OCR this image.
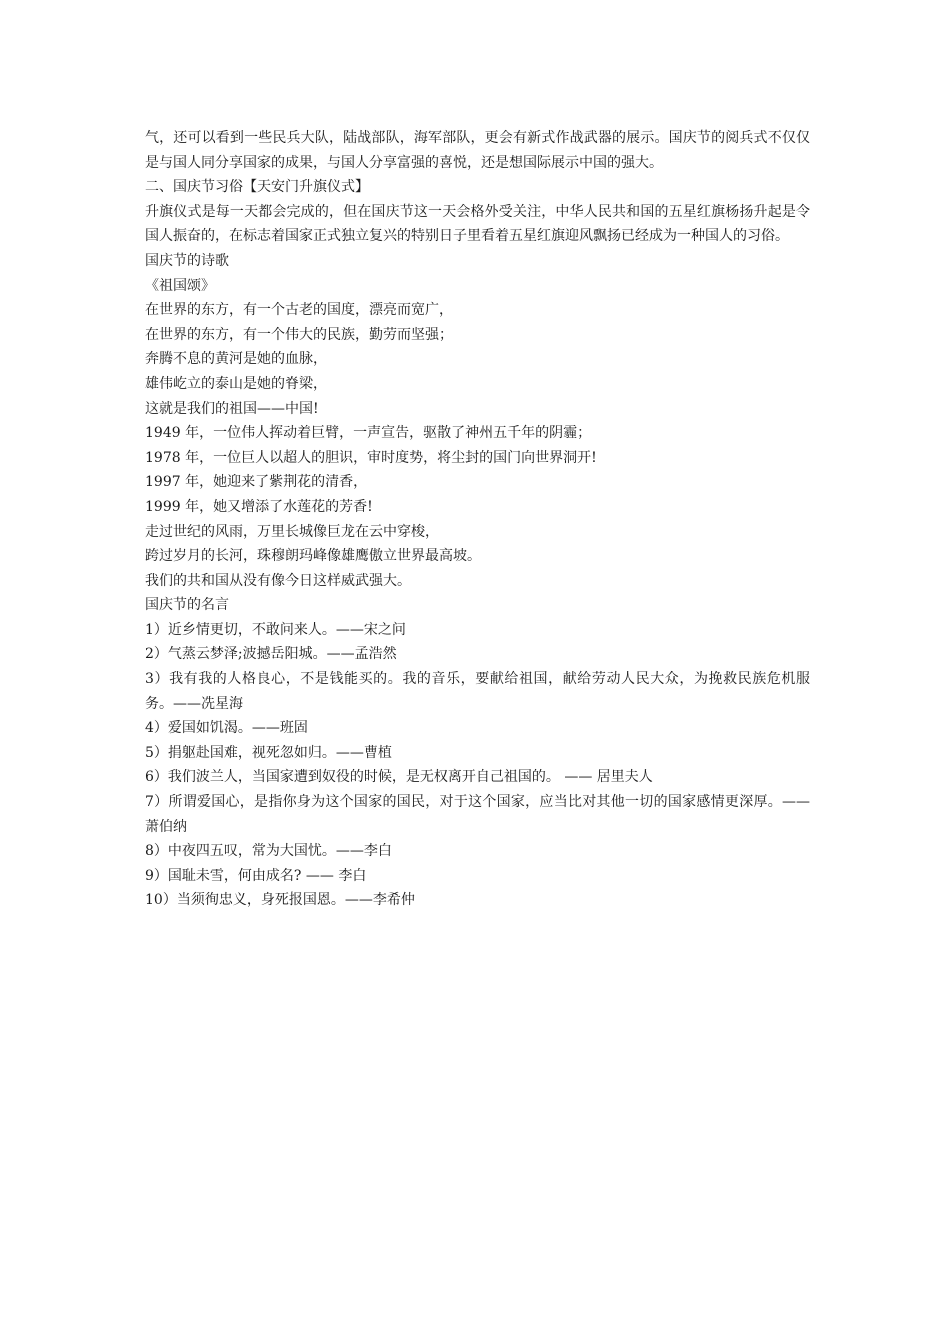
气，还可以看到一些民兵大队，陆战部队，海军部队，更会有新式作战武器的展示。国庆节的阅兵式不仅仅是与国人同分享国家的成果，与国人分享富强的喜悦，还是想国际展示中国的强大。

二、国庆节习俗【天安门升旗仪式】

升旗仪式是每一天都会完成的，但在国庆节这一天会格外受关注，中华人民共和国的五星红旗杨扬升起是令国人振奋的，在标志着国家正式独立复兴的特别日子里看着五星红旗迎风飘扬已经成为一种国人的习俗。

国庆节的诗歌

《祖国颂》

在世界的东方，有一个古老的国度，漂亮而宽广，

在世界的东方，有一个伟大的民族，勤劳而坚强；

奔腾不息的黄河是她的血脉，

雄伟屹立的泰山是她的脊梁，

这就是我们的祖国——中国!

1949 年，一位伟人挥动着巨臂，一声宣告，驱散了神州五千年的阴霾；

1978 年，一位巨人以超人的胆识，审时度势，将尘封的国门向世界洞开!

1997 年，她迎来了紫荆花的清香，

1999 年，她又增添了水莲花的芳香!

走过世纪的风雨，万里长城像巨龙在云中穿梭，

跨过岁月的长河，珠穆朗玛峰像雄鹰傲立世界最高坡。

我们的共和国从没有像今日这样威武强大。

国庆节的名言

1）近乡情更切，不敢问来人。——宋之问

2）气蒸云梦泽;波撼岳阳城。——孟浩然

3）我有我的人格良心，不是钱能买的。我的音乐，要献给祖国，献给劳动人民大众，为挽救民族危机服务。——冼星海

4）爱国如饥渴。——班固

5）捐躯赴国难，视死忽如归。——曹植

6）我们波兰人，当国家遭到奴役的时候，是无权离开自己祖国的。 —— 居里夫人

7）所谓爱国心，是指你身为这个国家的国民，对于这个国家，应当比对其他一切的国家感情更深厚。——萧伯纳

8）中夜四五叹，常为大国忧。——李白

9）国耻未雪，何由成名? —— 李白

10）当须徇忠义，身死报国恩。——李希仲
